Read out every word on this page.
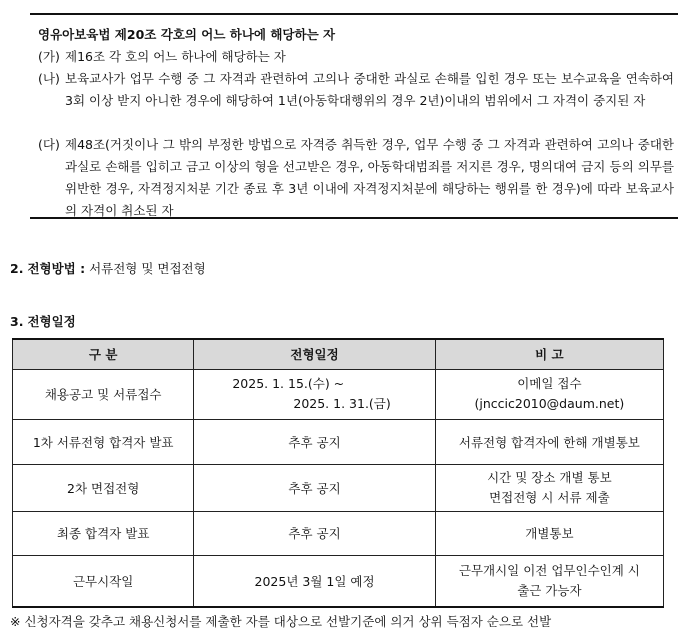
영유아보육법 제20조 각호의 어느 하나에 해당하는 자
(가) 제16조 각 호의 어느 하나에 해당하는 자
(나) 보육교사가 업무 수행 중 그 자격과 관련하여 고의나 중대한 과실로 손해를 입힌 경우 또는 보수교육을 연속하여 3회 이상 받지 아니한 경우에 해당하여 1년(아동학대행위의 경우 2년)이내의 범위에서 그 자격이 중지된 자
(다) 제48조(거짓이나 그 밖의 부정한 방법으로 자격증 취득한 경우, 업무 수행 중 그 자격과 관련하여 고의나 중대한 과실로 손해를 입히고 금고 이상의 형을 선고받은 경우, 아동학대범죄를 저지른 경우, 명의대여 금지 등의 의무를 위반한 경우, 자격정지처분 기간 종료 후 3년 이내에 자격정지처분에 해당하는 행위를 한 경우)에 따라 보육교사의 자격이 취소된 자
2. 전형방법 : 서류전형 및 면접전형
3. 전형일정
구 분	전형일정	비 고
채용공고 및 서류접수	2025. 1. 15.(수) ~
2025. 1. 31.(금)	이메일 접수
(jnccic2010@daum.net)

1차 서류전형 합격자 발표	추후 공지	서류전형 합격자에 한해 개별통보
2차 면접전형	추후 공지	시간 및 장소 개별 통보
면접전형 시 서류 제출

최종 합격자 발표	추후 공지	개별통보
근무시작일	2025년 3월 1일 예정	근무개시일 이전 업무인수인계 시
출근 가능자
※ 신청자격을 갖추고 채용신청서를 제출한 자를 대상으로 선발기준에 의거 상위 득점자 순으로 선발
